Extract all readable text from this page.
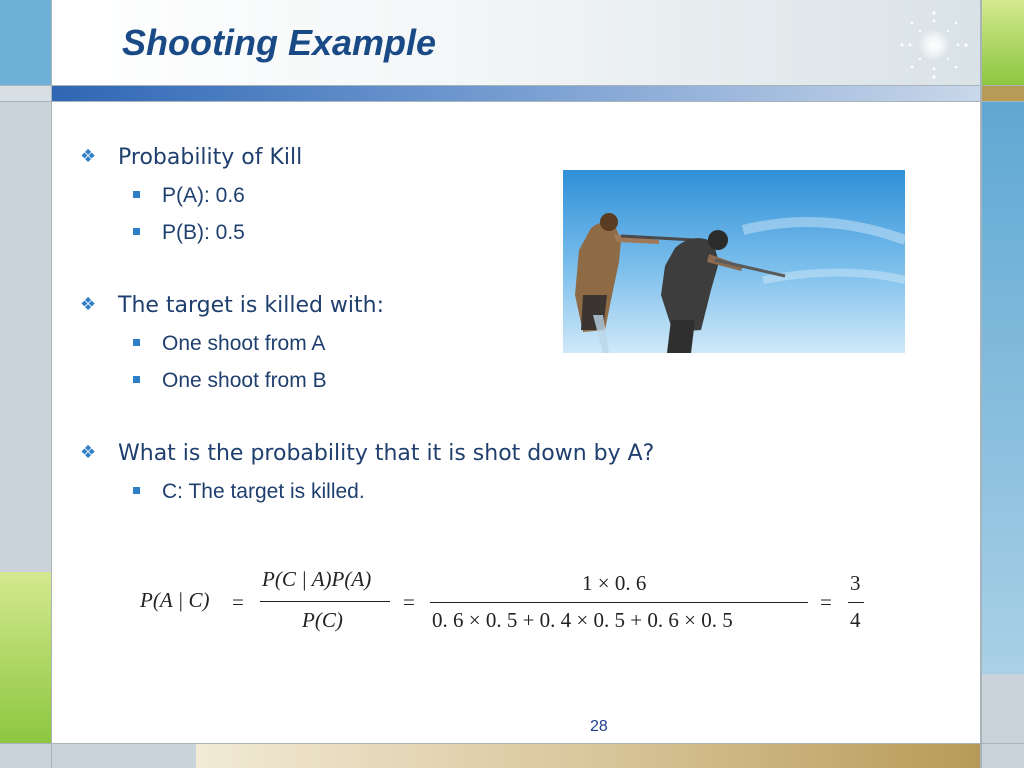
Shooting Example
❖ Probability of Kill
P(A): 0.6
P(B): 0.5
❖ The target is killed with:
One shoot from A
One shoot from B
❖ What is the probability that it is shot down by A?
C: The target is killed.
P(A | C) =
P(C | A)P(A)
P(C)
=
1 × 0. 6
0. 6 × 0. 5 + 0. 4 × 0. 5 + 0. 6 × 0. 5
=
3
4
28
